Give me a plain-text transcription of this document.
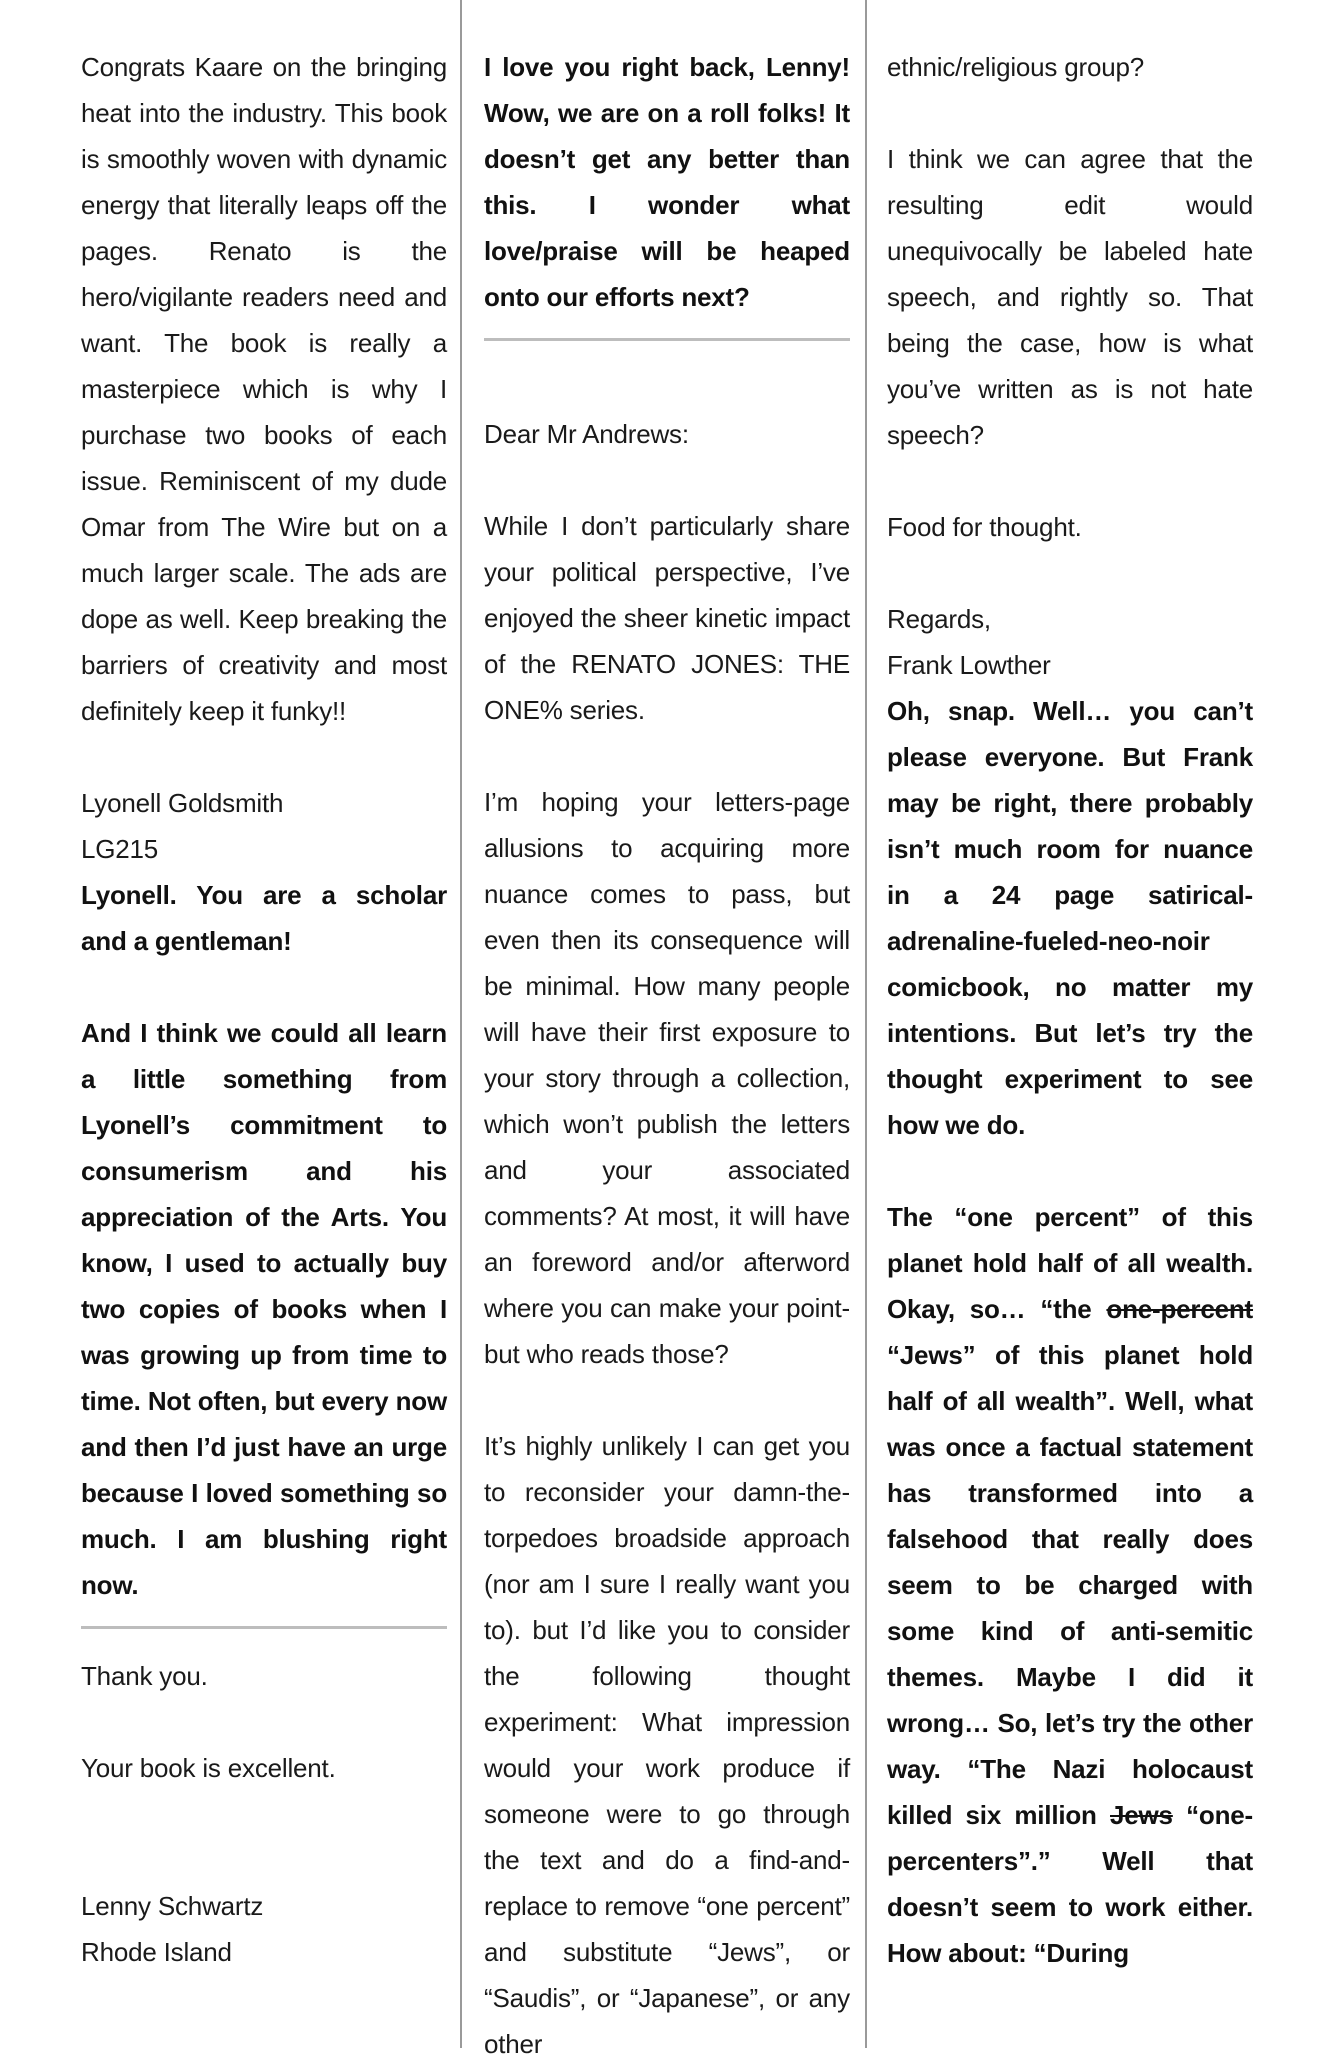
Congrats Kaare on the bringing heat into the industry. This book is smoothly woven with dynamic energy that literally leaps off the pages. Renato is the hero/vigilante readers need and want. The book is really a masterpiece which is why I purchase two books of each issue. Reminiscent of my dude Omar from The Wire but on a much larger scale. The ads are dope as well. Keep breaking the barriers of creativity and most definitely keep it funky!!

Lyonell Goldsmith

LG215

Lyonell. You are a scholar and a gentleman!

And I think we could all learn a little something from Lyonell’s commitment to consumerism and his appreciation of the Arts. You know, I used to actually buy two copies of books when I was growing up from time to time. Not often, but every now and then I’d just have an urge because I loved something so much. I am blushing right now.

Thank you.

Your book is excellent.

Lenny Schwartz

Rhode Island

I love you right back, Lenny! Wow, we are on a roll folks! It doesn’t get any better than this. I wonder what love/praise will be heaped onto our efforts next?

Dear Mr Andrews:

While I don’t particularly share your political perspective, I’ve enjoyed the sheer kinetic impact of the RENATO JONES: THE ONE% series.

I’m hoping your letters-page allusions to acquiring more nuance comes to pass, but even then its consequence will be minimal. How many people will have their first exposure to your story through a collection, which won’t publish the letters and your associated comments? At most, it will have an foreword and/or afterword where you can make your point- but who reads those?

It’s highly unlikely I can get you to reconsider your damn-the-torpedoes broadside approach (nor am I sure I really want you to). but I’d like you to consider the following thought experiment: What impression would your work produce if someone were to go through the text and do a find-and-replace to remove “one percent” and substitute “Jews”, or “Saudis”, or “Japanese”, or any other

ethnic/religious group?

I think we can agree that the resulting edit would unequivocally be labeled hate speech, and rightly so. That being the case, how is what you’ve written as is not hate speech?

Food for thought.

Regards,

Frank Lowther

Oh, snap. Well… you can’t please everyone. But Frank may be right, there probably isn’t much room for nuance in a 24 page satirical-adrenaline-fueled-neo-noir comicbook, no matter my intentions. But let’s try the thought experiment to see how we do.

The “one percent” of this planet hold half of all wealth. Okay, so… “the one-percent “Jews” of this planet hold half of all wealth”. Well, what was once a factual statement has transformed into a falsehood that really does seem to be charged with some kind of anti-semitic themes. Maybe I did it wrong… So, let’s try the other way. “The Nazi holocaust killed six million Jews “one-percenters”.” Well that doesn’t seem to work either. How about: “During
